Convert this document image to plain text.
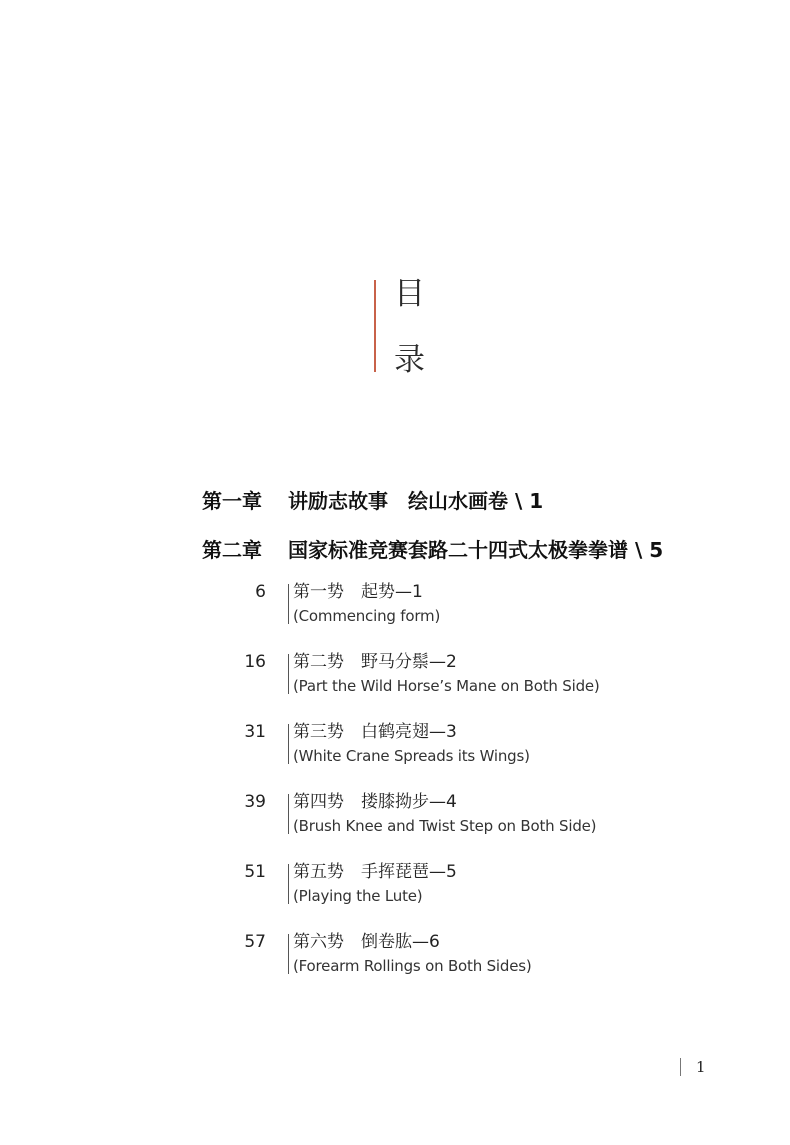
目
录
第一章 讲励志故事　绘山水画卷 \ 1
第二章 国家标准竞赛套路二十四式太极拳拳谱 \ 5
6 第一势　起势—1
(Commencing form)
16 第二势　野马分鬃—2
(Part the Wild Horse’s Mane on Both Side)
31 第三势　白鹤亮翅—3
(White Crane Spreads its Wings)
39 第四势　搂膝拗步—4
(Brush Knee and Twist Step on Both Side)
51 第五势　手挥琵琶—5
(Playing the Lute)
57 第六势　倒卷肱—6
(Forearm Rollings on Both Sides)
1
